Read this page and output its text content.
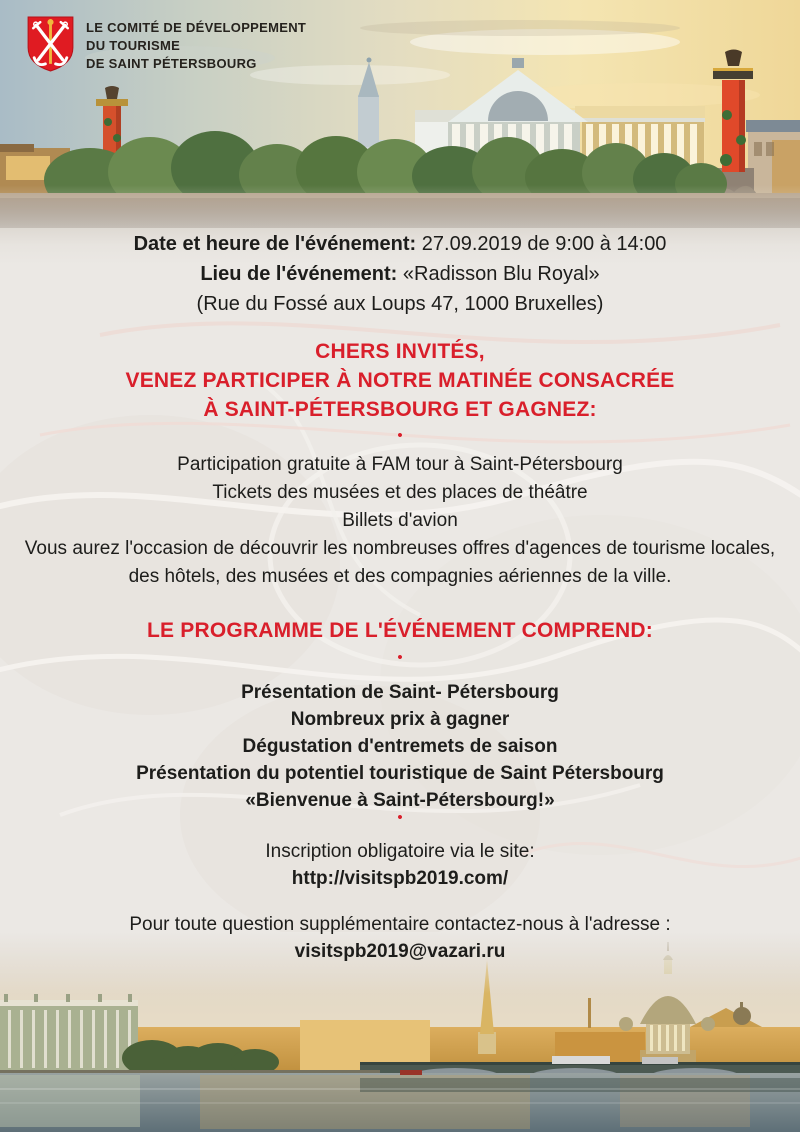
LE COMITÉ DE DÉVELOPPEMENT
DU TOURISME
DE SAINT PÉTERSBOURG
Date et heure de l'événement: 27.09.2019 de 9:00 à 14:00
Lieu de l'événement: «Radisson Blu Royal»
(Rue du Fossé aux Loups 47, 1000 Bruxelles)
CHERS INVITÉS,
VENEZ PARTICIPER À NOTRE MATINÉE CONSACRÉE
À SAINT-PÉTERSBOURG ET GAGNEZ:
•
Participation gratuite à FAM tour à Saint-Pétersbourg
Tickets des musées et des places de théâtre
Billets d'avion
Vous aurez l'occasion de découvrir les nombreuses offres d'agences de tourisme locales, des hôtels, des musées et des compagnies aériennes de la ville.
LE PROGRAMME DE L'ÉVÉNEMENT COMPREND:
•
Présentation de Saint- Pétersbourg
Nombreux prix à gagner
Dégustation d'entremets de saison
Présentation du potentiel touristique de Saint Pétersbourg
«Bienvenue à Saint-Pétersbourg!»
•
Inscription obligatoire via le site:
http://visitspb2019.com/
Pour toute question supplémentaire contactez-nous à l'adresse :
visitspb2019@vazari.ru
